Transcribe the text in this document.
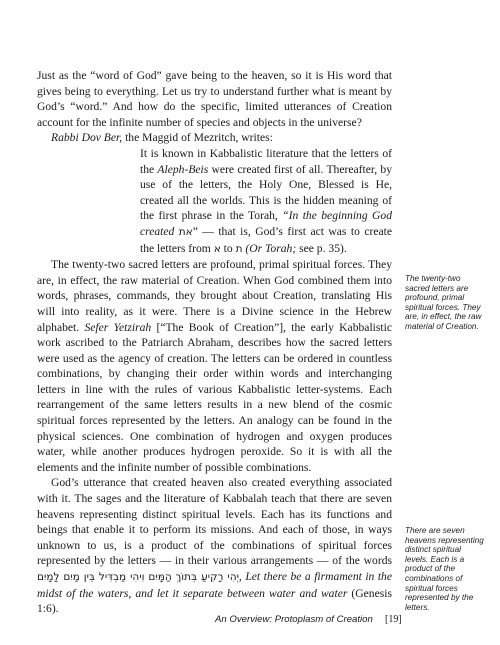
Just as the “word of God” gave being to the heaven, so it is His word that gives being to everything. Let us try to understand further what is meant by God’s “word.” And how do the specific, limited utterances of Creation account for the infinite number of species and objects in the universe?

Rabbi Dov Ber, the Maggid of Mezritch, writes:

It is known in Kabbalistic literature that the letters of the Aleph-Beis were created first of all. Thereafter, by use of the letters, the Holy One, Blessed is He, created all the worlds. This is the hidden meaning of the first phrase in the Torah, “In the beginning God created את” — that is, God’s first act was to create the letters from א to ת (Or Torah; see p. 35).

The twenty-two sacred letters are profound, primal spiritual forces. They are, in effect, the raw material of Creation. When God combined them into words, phrases, commands, they brought about Creation, translating His will into reality, as it were. There is a Divine science in the Hebrew alphabet. Sefer Yetzirah [“The Book of Creation”], the early Kabbalistic work ascribed to the Patriarch Abraham, describes how the sacred letters were used as the agency of creation. The letters can be ordered in countless combinations, by changing their order within words and interchanging letters in line with the rules of various Kabbalistic letter-systems. Each rearrangement of the same letters results in a new blend of the cosmic spiritual forces represented by the letters. An analogy can be found in the physical sciences. One combination of hydrogen and oxygen produces water, while another produces hydrogen peroxide. So it is with all the elements and the infinite number of possible combinations.

God’s utterance that created heaven also created everything associated with it. The sages and the literature of Kabbalah teach that there are seven heavens representing distinct spiritual levels. Each has its functions and beings that enable it to perform its missions. And each of those, in ways unknown to us, is a product of the combinations of spiritual forces represented by the letters — in their various arrangements — of the words יְהִי רָקִיעַ בְּתוֹךְ הַמָּיִם וִיהִי מַבְדִּיל בֵּין מַיִם לָמָיִם, Let there be a firmament in the midst of the waters, and let it separate between water and water (Genesis 1:6).

The twenty-two sacred letters are profound, primal spiritual forces. They are, in effect, the raw material of Creation.
There are seven heavens representing distinct spiritual levels. Each is a product of the combinations of spiritual forces represented by the letters.
An Overview: Protoplasm of Creation [19]
